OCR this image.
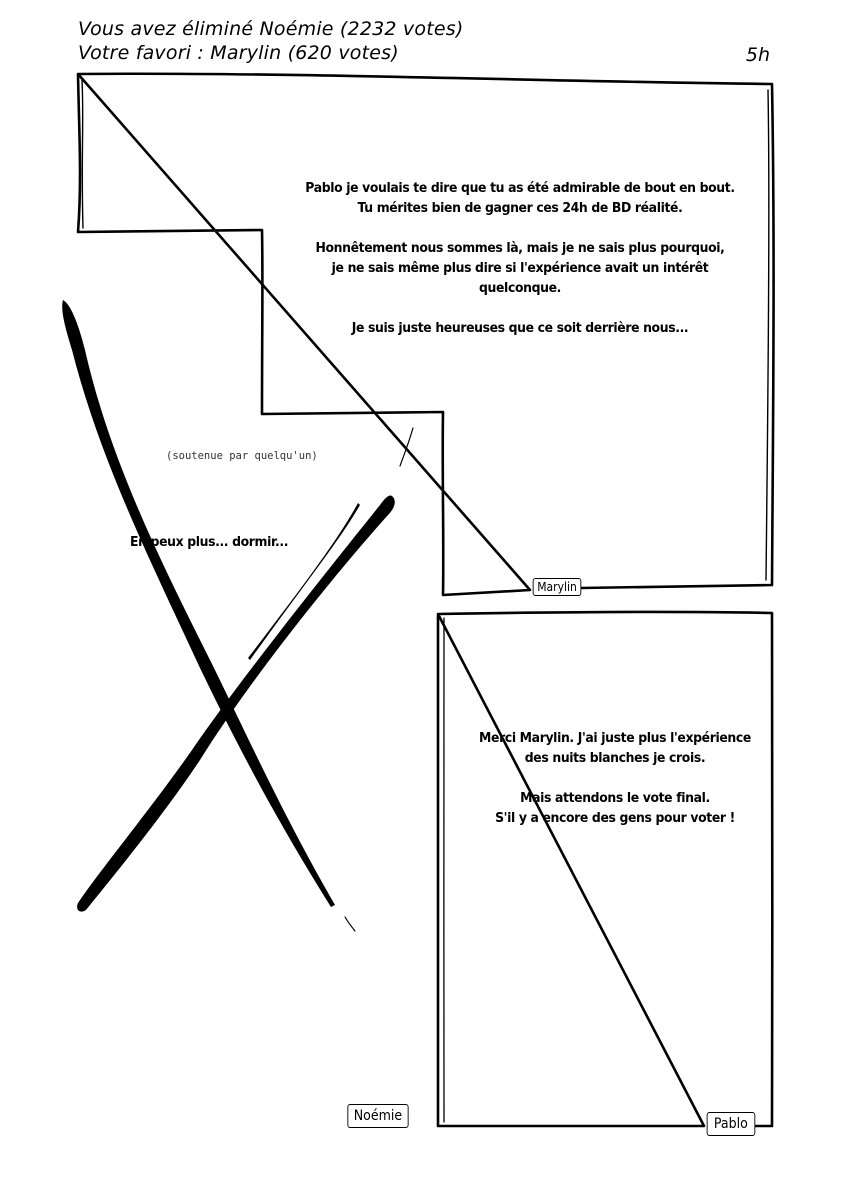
Vous avez éliminé Noémie (2232 votes)
Votre favori : Marylin (620 votes)	5h

Pablo je voulais te dire que tu as été admirable de bout en bout.

Tu mérites bien de gagner ces 24h de BD réalité.

Honnêtement nous sommes là, mais je ne sais plus pourquoi,

je ne sais même plus dire si l'expérience avait un intérêt quelconque.

Je suis juste heureuses que ce soit derrière nous...

(soutenue par quelqu'un)
En peux plus... dormir...

Merci Marylin. J'ai juste plus l'expérience

des nuits blanches je crois.

Mais attendons le vote final.

S'il y a encore des gens pour voter !

Marylin
Noémie	Pablo
